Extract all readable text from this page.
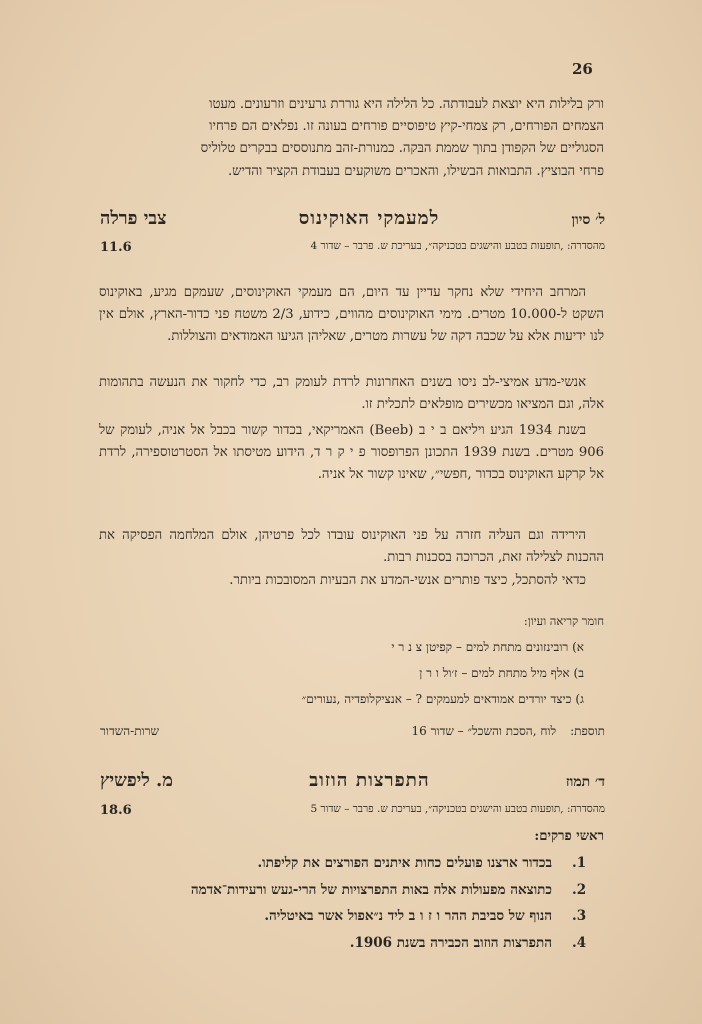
26
ורק בלילות היא יוצאת לעבודתה. כל הלילה היא גוררת גרעינים וזרעונים. מעטו
הצמחים הפורחים, רק צמחי-קיץ טיפוסיים פורחים בעונה זו. נפלאים הם פרחיו
הסגוליים של הקפודן בתוך שממת הבּקה. כמנורת-זהב מתנוססים בבקרים טלוליס
פרחי הבוציץ. התבואות הבשילו, והאכרים משוקעים בעבודת הקציר והדיש.
ל׳ סיון
למעמקי האוקינוס
צבי פרלה
11.6	מהסדרה: ,תופעות בטבע והישגים בטכניקה״, בעריכת ש. פרבר – שדור 4
המרחב היחידי שלא נחקר עדיין עד היום, הם מעמקי האוקינוסים, שעמקם מגיע, באוקינוס השקט ל-10.000 מטרים. מימי האוקינוסים מהווים, כידוע, 2/3 משטח פני כדור-הארץ, אולם אין לנו ידיעות אלא על שכבה דקה של עשרות מטרים, שאליהן הגיעו האמודאים והצוללות.
אנשי-מדע אמיצי-לב ניסו בשנים האחרונות לרדת לעומק רב, כדי לחקור את הנעשה בתהומות אלה, וגם המציאו מכשירים מופלאים לתכלית זו.
בשנת 1934 הגיע ויליאם ב י ב (Beeb) האמריקאי, בכדור קשור בכבל אל אניה, לעומק של 906 מטרים. בשנת 1939 התכונן הפרופסור פ י ק ר ד, הידוע מטיסתו אל הסטרטוספירה, לרדת אל קרקע האוקינוס בכדור ,חפשי״, שאינו קשור אל אניה.
הירידה וגם העליה חזרה על פני האוקינוס עובדו לכל פרטיהן, אולם המלחמה הפסיקה את ההכנות לצלילה זאת, הכרוכה בסכנות רבות.
כדאי להסתכל, כיצד פותרים אנשי-המדע את הבעיות המסובכות ביותר.
חומר קריאה ועיון:
א) רובינזונים מתחת למים – קפיטן צ נ ר י
ב) אלף מיל מתחת למים – ז׳ול ו ר ן
ג) כיצד יורדים אמודאים למעמקים ? – אנציקלופדיה ,נעורים״
תוספת:
לוח ,הסכת והשכל״ – שדור 16
שרות-השדור
ד׳ תמוז
התפרצות הוזוב
מ. ליפשיץ
18.6	מהסדרה: ,תופעות בטבע והישגים בטכניקה״, בעריכת ש. פרבר – שדור 5
ראשי פרקים:
1.
בכדור ארצנו פועלים כחות איתנים הפורצים את קליפתו.
2.
כתוצאה מפעולות אלה באות התפרצויות של הרי-געש ורעידות־אדמה
3.
הנוף של סביבת ההר ו ז ו ב ליד נ״אפול אשר באיטליה.
4.
התפרצות הוזוב הכבירה בשנת 1906.
